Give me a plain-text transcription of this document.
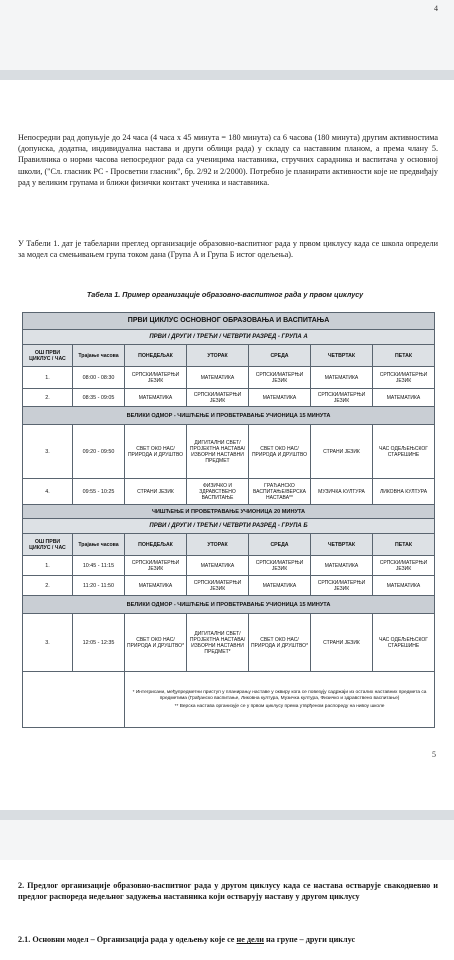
4

Непосредни рад допуњује до 24 часа (4 часа x 45 минута = 180 минута) са 6 часова (180 минута) другим активностима (допунска, додатна, индивидуална настава и други облици рада) у складу са наставним планом, а према члану 5. Правилника о норми часова непосредног рада са ученицима наставника, стручних сарадника и васпитача у основној школи, ("Сл. гласник РС - Просветни гласник", бр. 2/92 и 2/2000). Потребно је планирати активности које не предвиђају рад у великим групама и ближи физички контакт ученика и наставника.

У Табели 1. дат је табеларни преглед организације образовно-васпитног рада у првом циклусу када се школа определи за модел са смењивањем група током дана (Група А и Група Б истог одељења).

Табела 1. Пример организације образовно-васпитног рада у првом циклусу
ПРВИ ЦИКЛУС ОСНОВНОГ ОБРАЗОВАЊА И ВАСПИТАЊА						
ПРВИ / ДРУГИ / ТРЕЋИ / ЧЕТВРТИ РАЗРЕД - ГРУПА А						
ОШ ПРВИ ЦИКЛУС / ЧАС	Трајање часова	ПОНЕДЕЉАК	УТОРАК	СРЕДА	ЧЕТВРТАК	ПЕТАК
1.	08:00 - 08:30	СРПСКИ/МАТЕРЊИ ЈЕЗИК	МАТЕМАТИКА	СРПСКИ/МАТЕРЊИ ЈЕЗИК	МАТЕМАТИКА	СРПСКИ/МАТЕРЊИ ЈЕЗИК
2.	08:35 - 09:05	МАТЕМАТИКА	СРПСКИ/МАТЕРЊИ ЈЕЗИК	МАТЕМАТИКА	СРПСКИ/МАТЕРЊИ ЈЕЗИК	МАТЕМАТИКА
ВЕЛИКИ ОДМОР - ЧИШЋЕЊЕ И ПРОВЕТРАВАЊЕ УЧИОНИЦА 15 МИНУТА						
3.	09:20 - 09:50	СВЕТ ОКО НАС/ПРИРОДА И ДРУШТВО	ДИГИТАЛНИ СВЕТ/ПРОЈЕКТНА НАСТАВА/ИЗБОРНИ НАСТАВНИ ПРЕДМЕТ	СВЕТ ОКО НАС/ПРИРОДА И ДРУШТВО	СТРАНИ ЈЕЗИК	ЧАС ОДЕЉЕЊСКОГ СТАРЕШИНЕ
4.	09:55 - 10:25	СТРАНИ ЈЕЗИК	ФИЗИЧКО И ЗДРАВСТВЕНО ВАСПИТАЊЕ	ГРАЂАНСКО ВАСПИТАЊЕ/ВЕРСКА НАСТАВА**	МУЗИЧКА КУЛТУРА	ЛИКОВНА КУЛТУРА
ЧИШЋЕЊЕ И ПРОВЕТРАВАЊЕ УЧИОНИЦА 20 МИНУТА						
ПРВИ / ДРУГИ / ТРЕЋИ / ЧЕТВРТИ РАЗРЕД - ГРУПА Б						
ОШ ПРВИ ЦИКЛУС / ЧАС	Трајање часова	ПОНЕДЕЉАК	УТОРАК	СРЕДА	ЧЕТВРТАК	ПЕТАК
1.	10:45 - 11:15	СРПСКИ/МАТЕРЊИ ЈЕЗИК	МАТЕМАТИКА	СРПСКИ/МАТЕРЊИ ЈЕЗИК	МАТЕМАТИКА	СРПСКИ/МАТЕРЊИ ЈЕЗИК
2.	11:20 - 11:50	МАТЕМАТИКА	СРПСКИ/МАТЕРЊИ ЈЕЗИК	МАТЕМАТИКА	СРПСКИ/МАТЕРЊИ ЈЕЗИК	МАТЕМАТИКА
ВЕЛИКИ ОДМОР - ЧИШЋЕЊЕ И ПРОВЕТРАВАЊЕ УЧИОНИЦА 15 МИНУТА						
3.	12:05 - 12:35	СВЕТ ОКО НАС/ПРИРОДА И ДРУШТВО*	ДИГИТАЛНИ СВЕТ/ПРОЈЕКТНА НАСТАВА/ИЗБОРНИ НАСТАВНИ ПРЕДМЕТ*	СВЕТ ОКО НАС/ПРИРОДА И ДРУШТВО*	СТРАНИ ЈЕЗИК	ЧАС ОДЕЉЕЊСКОГ СТАРЕШИНЕ

		* Интегрисани, међупредметни приступ у планирању наставе у оквиру кога се повезују садржаји из осталих наставних предмета са предметима (Грађанско васпитање, Ликовна култура, Музичка култура, Физичко и здравствено васпитање)
** Верска настава организује се у првом циклусу према утврђеном распореду на нивоу школе				
5

2. Предлог организације образовно-васпитног рада у другом циклусу када се настава остварује свакодневно и предлог распореда недељног задужења наставника који остварују наставу у другом циклусу

2.1. Основни модел – Организација рада у одељењу које се не дели на групе – други циклус
